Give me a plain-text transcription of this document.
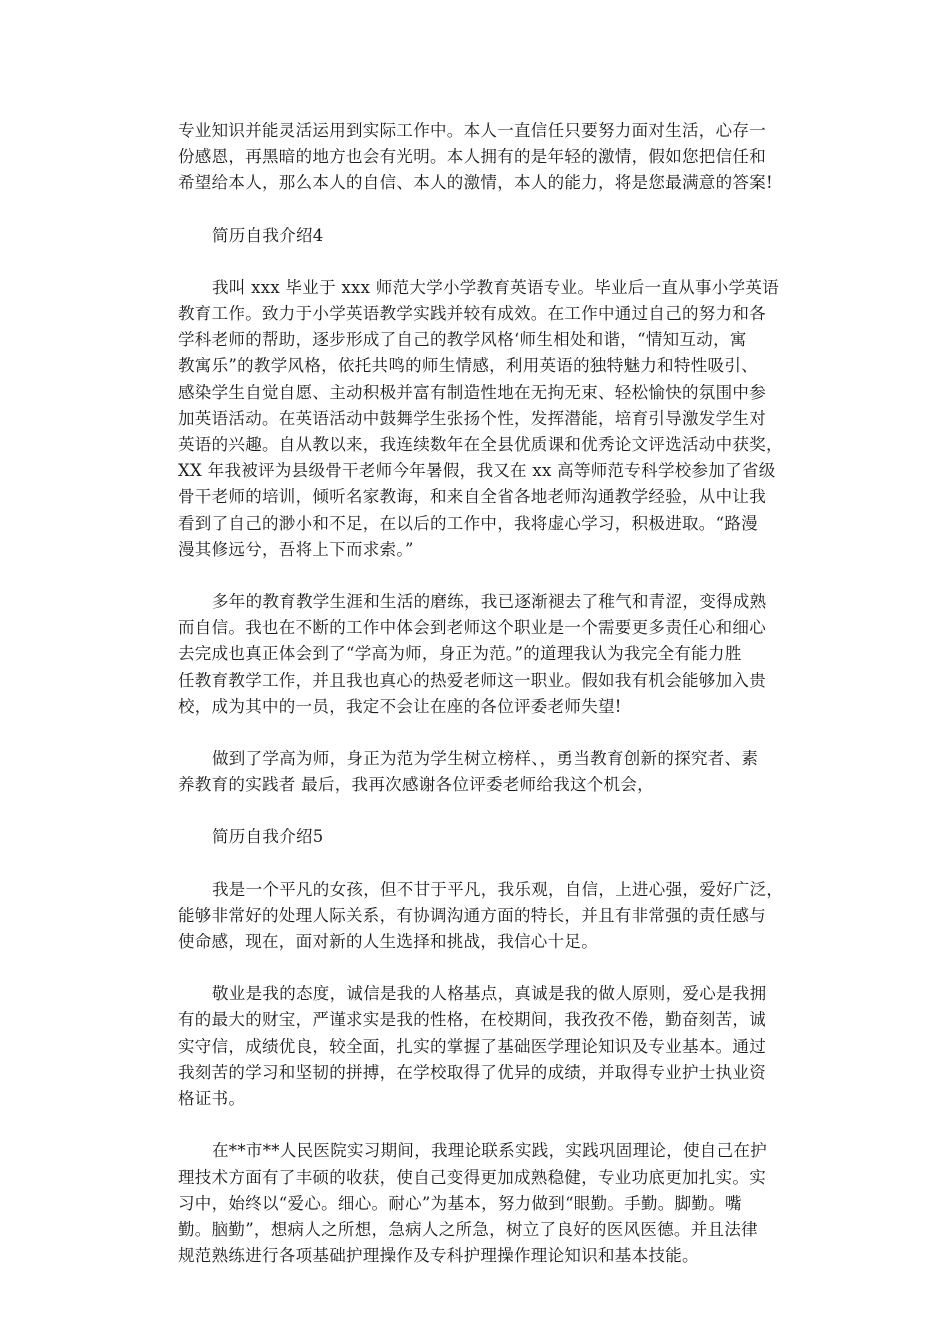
专业知识并能灵活运用到实际工作中。本人一直信任只要努力面对生活，心存一
份感恩，再黑暗的地方也会有光明。本人拥有的是年轻的激情，假如您把信任和
希望给本人，那么本人的自信、本人的激情，本人的能力，将是您最满意的答案!
简历自我介绍4
我叫 xxx 毕业于 xxx 师范大学小学教育英语专业。毕业后一直从事小学英语
教育工作。致力于小学英语教学实践并较有成效。在工作中通过自己的努力和各
学科老师的帮助，逐步形成了自己的教学风格‘师生相处和谐，“情知互动，寓
教寓乐”的教学风格，依托共鸣的师生情感，利用英语的独特魅力和特性吸引、
感染学生自觉自愿、主动积极并富有制造性地在无拘无束、轻松愉快的氛围中参
加英语活动。在英语活动中鼓舞学生张扬个性，发挥潜能，培育引导激发学生对
英语的兴趣。自从教以来，我连续数年在全县优质课和优秀论文评选活动中获奖，
XX 年我被评为县级骨干老师今年暑假，我又在 xx 高等师范专科学校参加了省级
骨干老师的培训，倾听名家教诲，和来自全省各地老师沟通教学经验，从中让我
看到了自己的渺小和不足，在以后的工作中，我将虚心学习，积极进取。“路漫
漫其修远兮，吾将上下而求索。”
多年的教育教学生涯和生活的磨练，我已逐渐褪去了稚气和青涩，变得成熟
而自信。我也在不断的工作中体会到老师这个职业是一个需要更多责任心和细心
去完成也真正体会到了“学高为师，身正为范。”的道理我认为我完全有能力胜
任教育教学工作，并且我也真心的热爱老师这一职业。假如我有机会能够加入贵
校，成为其中的一员，我定不会让在座的各位评委老师失望!
做到了学高为师，身正为范为学生树立榜样、，勇当教育创新的探究者、素
养教育的实践者 最后，我再次感谢各位评委老师给我这个机会，
简历自我介绍5
我是一个平凡的女孩，但不甘于平凡，我乐观，自信，上进心强，爱好广泛，
能够非常好的处理人际关系，有协调沟通方面的特长，并且有非常强的责任感与
使命感，现在，面对新的人生选择和挑战，我信心十足。
敬业是我的态度，诚信是我的人格基点，真诚是我的做人原则，爱心是我拥
有的最大的财宝，严谨求实是我的性格，在校期间，我孜孜不倦，勤奋刻苦，诚
实守信，成绩优良，较全面，扎实的掌握了基础医学理论知识及专业基本。通过
我刻苦的学习和坚韧的拼搏，在学校取得了优异的成绩，并取得专业护士执业资
格证书。
在**市**人民医院实习期间，我理论联系实践，实践巩固理论，使自己在护
理技术方面有了丰硕的收获，使自己变得更加成熟稳健，专业功底更加扎实。实
习中，始终以“爱心。细心。耐心”为基本，努力做到“眼勤。手勤。脚勤。嘴
勤。脑勤”，想病人之所想，急病人之所急，树立了良好的医风医德。并且法律
规范熟练进行各项基础护理操作及专科护理操作理论知识和基本技能。
